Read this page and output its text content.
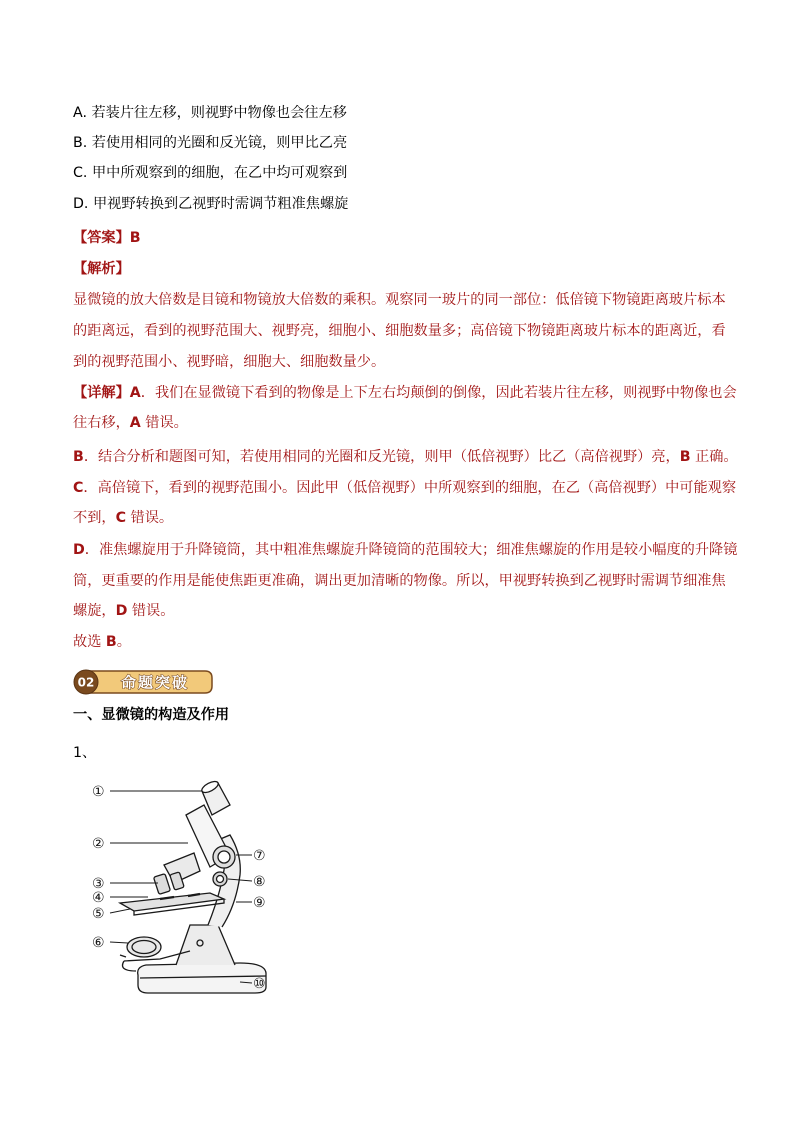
A. 若装片往左移，则视野中物像也会往左移
B. 若使用相同的光圈和反光镜，则甲比乙亮
C. 甲中所观察到的细胞，在乙中均可观察到
D. 甲视野转换到乙视野时需调节粗准焦螺旋
【答案】B
【解析】
显微镜的放大倍数是目镜和物镜放大倍数的乘积。观察同一玻片的同一部位：低倍镜下物镜距离玻片标本
的距离远，看到的视野范围大、视野亮，细胞小、细胞数量多；高倍镜下物镜距离玻片标本的距离近，看
到的视野范围小、视野暗，细胞大、细胞数量少。
【详解】A．我们在显微镜下看到的物像是上下左右均颠倒的倒像，因此若装片往左移，则视野中物像也会
往右移，A 错误。
B．结合分析和题图可知，若使用相同的光圈和反光镜，则甲（低倍视野）比乙（高倍视野）亮，B 正确。
C．高倍镜下，看到的视野范围小。因此甲（低倍视野）中所观察到的细胞，在乙（高倍视野）中可能观察
不到，C 错误。
D．准焦螺旋用于升降镜筒，其中粗准焦螺旋升降镜筒的范围较大；细准焦螺旋的作用是较小幅度的升降镜
筒，更重要的作用是能使焦距更准确，调出更加清晰的物像。所以，甲视野转换到乙视野时需调节细准焦
螺旋，D 错误。
故选 B。
02 命题突破
一、显微镜的构造及作用
1、
①
②
③
④
⑤
⑥
⑦
⑧
⑨
⑩
